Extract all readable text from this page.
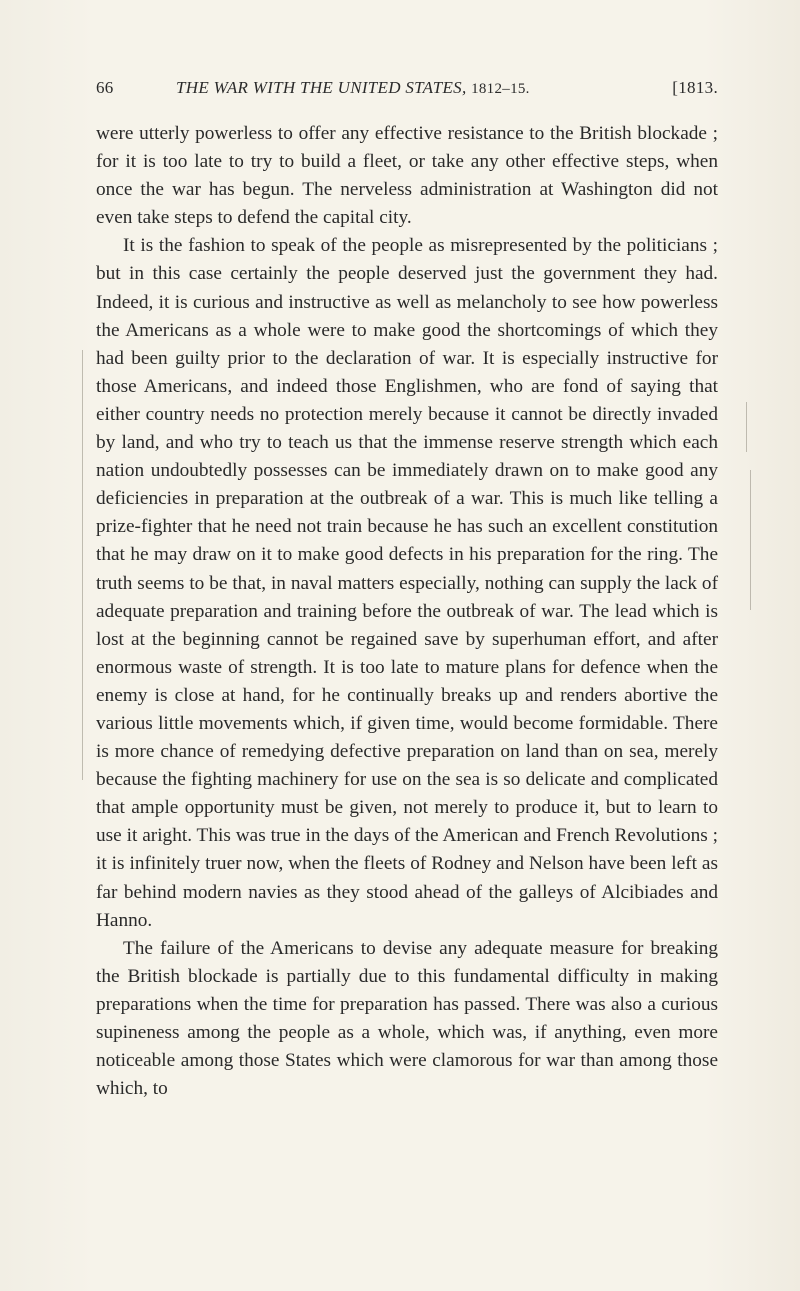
66	THE WAR WITH THE UNITED STATES, 1812–15.	[1813.

were utterly powerless to offer any effective resistance to the British blockade ; for it is too late to try to build a fleet, or take any other effective steps, when once the war has begun. The nerveless administration at Washington did not even take steps to defend the capital city.

It is the fashion to speak of the people as misrepresented by the politicians ; but in this case certainly the people deserved just the government they had. Indeed, it is curious and instructive as well as melancholy to see how powerless the Americans as a whole were to make good the shortcomings of which they had been guilty prior to the declaration of war. It is especially instructive for those Americans, and indeed those Englishmen, who are fond of saying that either country needs no protection merely because it cannot be directly invaded by land, and who try to teach us that the immense reserve strength which each nation undoubtedly possesses can be immediately drawn on to make good any deficiencies in preparation at the outbreak of a war. This is much like telling a prize-fighter that he need not train because he has such an excellent constitution that he may draw on it to make good defects in his preparation for the ring. The truth seems to be that, in naval matters especially, nothing can supply the lack of adequate preparation and training before the outbreak of war. The lead which is lost at the beginning cannot be regained save by superhuman effort, and after enormous waste of strength. It is too late to mature plans for defence when the enemy is close at hand, for he continually breaks up and renders abortive the various little movements which, if given time, would become formidable. There is more chance of remedying defective preparation on land than on sea, merely because the fighting machinery for use on the sea is so delicate and complicated that ample opportunity must be given, not merely to produce it, but to learn to use it aright. This was true in the days of the American and French Revolutions ; it is infinitely truer now, when the fleets of Rodney and Nelson have been left as far behind modern navies as they stood ahead of the galleys of Alcibiades and Hanno.

The failure of the Americans to devise any adequate measure for breaking the British blockade is partially due to this fundamental difficulty in making preparations when the time for preparation has passed. There was also a curious supineness among the people as a whole, which was, if anything, even more noticeable among those States which were clamorous for war than among those which, to
